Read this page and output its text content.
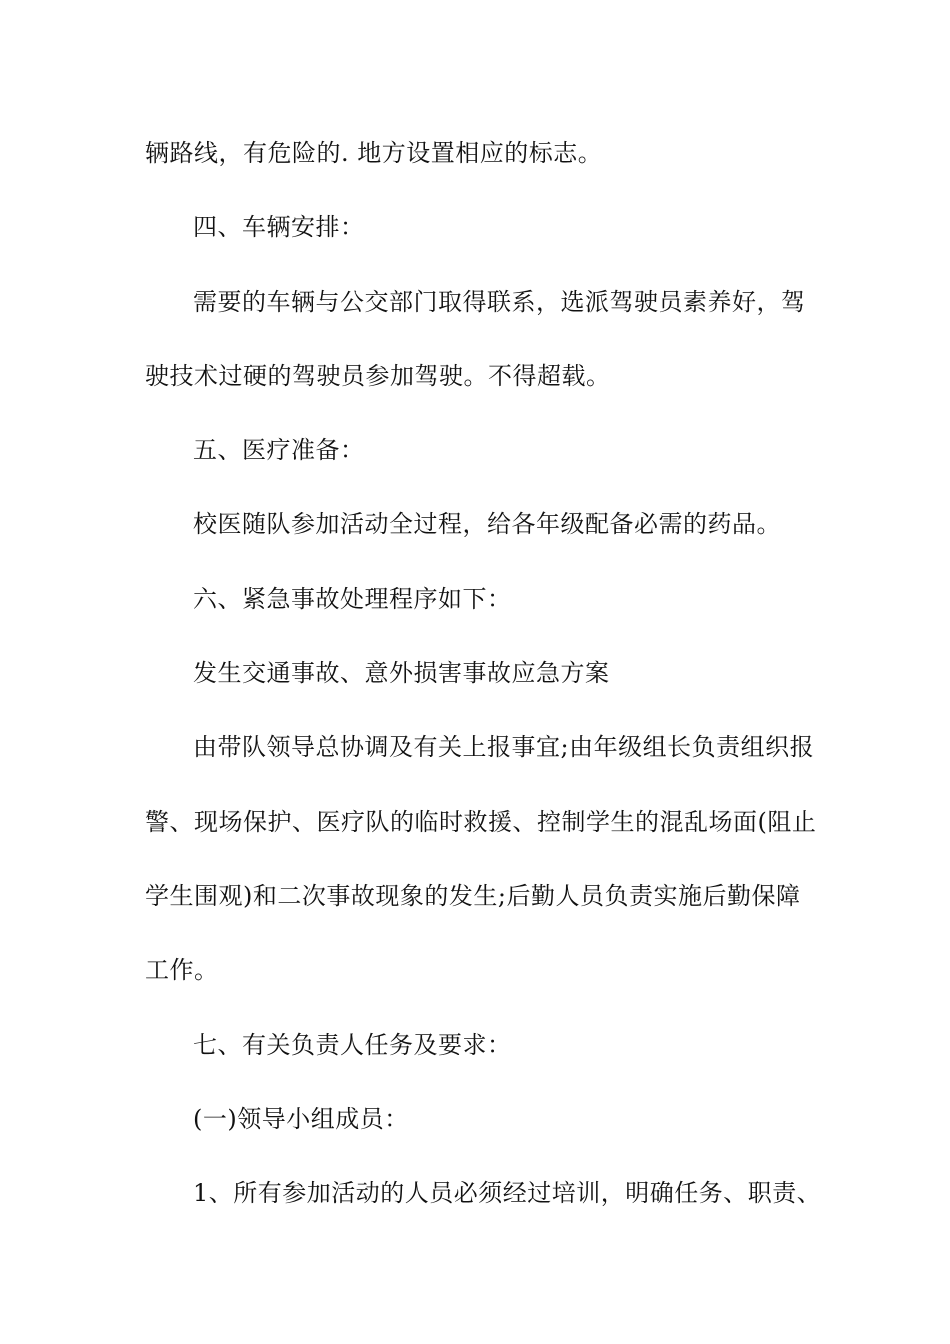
辆路线，有危险的. 地方设置相应的标志。
四、车辆安排：
需要的车辆与公交部门取得联系，选派驾驶员素养好，驾
驶技术过硬的驾驶员参加驾驶。不得超载。
五、医疗准备：
校医随队参加活动全过程，给各年级配备必需的药品。
六、紧急事故处理程序如下：
发生交通事故、意外损害事故应急方案
由带队领导总协调及有关上报事宜;由年级组长负责组织报
警、现场保护、医疗队的临时救援、控制学生的混乱场面(阻止
学生围观)和二次事故现象的发生;后勤人员负责实施后勤保障
工作。
七、有关负责人任务及要求：
(一)领导小组成员：
1、所有参加活动的人员必须经过培训，明确任务、职责、
